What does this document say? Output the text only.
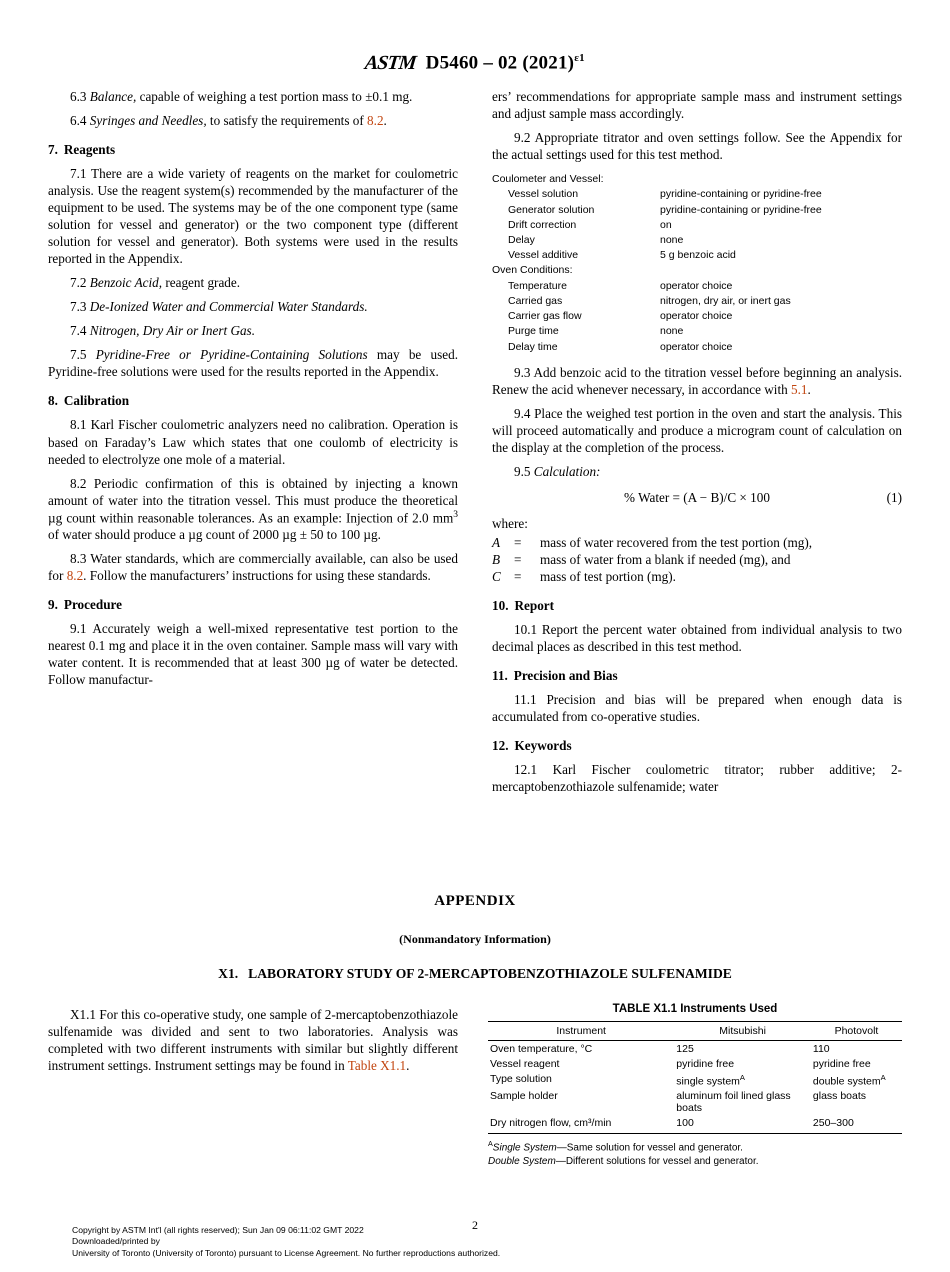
ASTM D5460 – 02 $(2021)^{\varepsilon 1}$

6.3 Balance, capable of weighing a test portion mass to ±0.1 mg.

6.4 Syringes and Needles, to satisfy the requirements of 8.2.

7. Reagents

7.1 There are a wide variety of reagents on the market for coulometric analysis. Use the reagent system(s) recommended by the manufacturer of the equipment to be used. The systems may be of the one component type (same solution for vessel and generator) or the two component type (different solution for vessel and generator). Both systems were used in the results reported in the Appendix.

7.2 Benzoic Acid, reagent grade.

7.3 De-Ionized Water and Commercial Water Standards.

7.4 Nitrogen, Dry Air or Inert Gas.

7.5 Pyridine-Free or Pyridine-Containing Solutions may be used. Pyridine-free solutions were used for the results reported in the Appendix.

8. Calibration

8.1 Karl Fischer coulometric analyzers need no calibration. Operation is based on Faraday’s Law which states that one coulomb of electricity is needed to electrolyze one mole of a material.

8.2 Periodic confirmation of this is obtained by injecting a known amount of water into the titration vessel. This must produce the theoretical µg count within reasonable tolerances. As an example: Injection of 2.0 $mm^3$ of water should produce a µg count of 2000 µg ± 50 to 100 µg.

8.3 Water standards, which are commercially available, can also be used for 8.2. Follow the manufacturers’ instructions for using these standards.

9. Procedure

9.1 Accurately weigh a well-mixed representative test portion to the nearest 0.1 mg and place it in the oven container. Sample mass will vary with water content. It is recommended that at least 300 µg of water be detected. Follow manufactur-

ers’ recommendations for appropriate sample mass and instrument settings and adjust sample mass accordingly.

9.2 Appropriate titrator and oven settings follow. See the Appendix for the actual settings used for this test method.

Coulometer and Vessel:
Vessel solution	pyridine-containing or pyridine-free
Generator solution	pyridine-containing or pyridine-free
Drift correction	on
Delay	none
Vessel additive	5 g benzoic acid
Oven Conditions:
Temperature	operator choice
Carried gas	nitrogen, dry air, or inert gas
Carrier gas flow	operator choice
Purge time	none
Delay time	operator choice

9.3 Add benzoic acid to the titration vessel before beginning an analysis. Renew the acid whenever necessary, in accordance with 5.1.

9.4 Place the weighed test portion in the oven and start the analysis. This will proceed automatically and produce a microgram count of calculation on the display at the completion of the process.

9.5 Calculation:

% Water = (A − B)/C × 100	(1)

where:

A	=	mass of water recovered from the test portion (mg),
B	=	mass of water from a blank if needed (mg), and
C	=	mass of test portion (mg).

10. Report

10.1 Report the percent water obtained from individual analysis to two decimal places as described in this test method.

11. Precision and Bias

11.1 Precision and bias will be prepared when enough data is accumulated from co-operative studies.

12. Keywords

12.1 Karl Fischer coulometric titrator; rubber additive; 2-mercaptobenzothiazole sulfenamide; water

APPENDIX
(Nonmandatory Information)
X1. LABORATORY STUDY OF 2-MERCAPTOBENZOTHIAZOLE SULFENAMIDE

X1.1 For this co-operative study, one sample of 2-mercaptobenzothiazole sulfenamide was divided and sent to two laboratories. Analysis was completed with two different instruments with similar but slightly different instrument settings. Instrument settings may be found in Table X1.1.

TABLE X1.1 Instruments Used
Instrument	Mitsubishi	Photovolt
Oven temperature, °C	125	110
Vessel reagent	pyridine free	pyridine free
Type solution	single system$^A$	double system$^A$
Sample holder	aluminum foil lined glass boats	glass boats
Dry nitrogen flow, cm³/min	100	250–300
$^A$Single System—Same solution for vessel and generator.
Double System—Different solutions for vessel and generator.
2
Copyright by ASTM Int'l (all rights reserved); Sun Jan 09 06:11:02 GMT 2022
Downloaded/printed by
University of Toronto (University of Toronto) pursuant to License Agreement. No further reproductions authorized.
